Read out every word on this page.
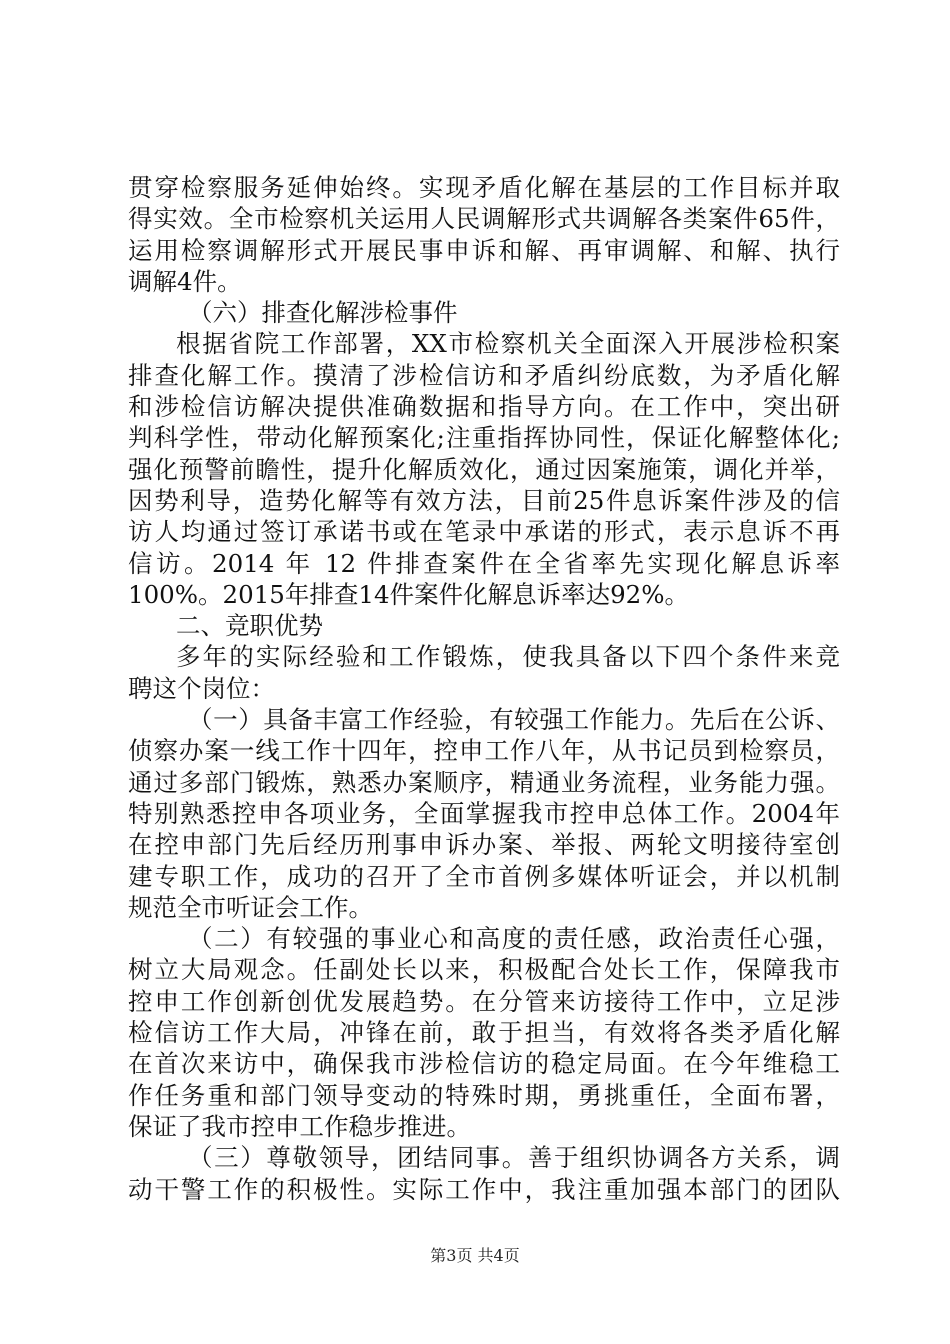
贯穿检察服务延伸始终。实现矛盾化解在基层的工作目标并取
得实效。全市检察机关运用人民调解形式共调解各类案件65件，
运用检察调解形式开展民事申诉和解、再审调解、和解、执行
调解4件。
（六）排查化解涉检事件
根据省院工作部署，XX市检察机关全面深入开展涉检积案
排查化解工作。摸清了涉检信访和矛盾纠纷底数，为矛盾化解
和涉检信访解决提供准确数据和指导方向。在工作中，突出研
判科学性，带动化解预案化;注重指挥协同性，保证化解整体化;
强化预警前瞻性，提升化解质效化，通过因案施策，调化并举，
因势利导，造势化解等有效方法，目前25件息诉案件涉及的信
访人均通过签订承诺书或在笔录中承诺的形式，表示息诉不再
信访。2014 年 12 件排查案件在全省率先实现化解息诉率
100%。2015年排查14件案件化解息诉率达92%。
二、竞职优势
多年的实际经验和工作锻炼，使我具备以下四个条件来竞
聘这个岗位：
（一）具备丰富工作经验，有较强工作能力。先后在公诉、
侦察办案一线工作十四年，控申工作八年，从书记员到检察员，
通过多部门锻炼，熟悉办案顺序，精通业务流程，业务能力强。
特别熟悉控申各项业务，全面掌握我市控申总体工作。2004年
在控申部门先后经历刑事申诉办案、举报、两轮文明接待室创
建专职工作，成功的召开了全市首例多媒体听证会，并以机制
规范全市听证会工作。
（二）有较强的事业心和高度的责任感，政治责任心强，
树立大局观念。任副处长以来，积极配合处长工作，保障我市
控申工作创新创优发展趋势。在分管来访接待工作中，立足涉
检信访工作大局，冲锋在前，敢于担当，有效将各类矛盾化解
在首次来访中，确保我市涉检信访的稳定局面。在今年维稳工
作任务重和部门领导变动的特殊时期，勇挑重任，全面布署，
保证了我市控申工作稳步推进。
（三）尊敬领导，团结同事。善于组织协调各方关系，调
动干警工作的积极性。实际工作中，我注重加强本部门的团队
第3页 共4页
